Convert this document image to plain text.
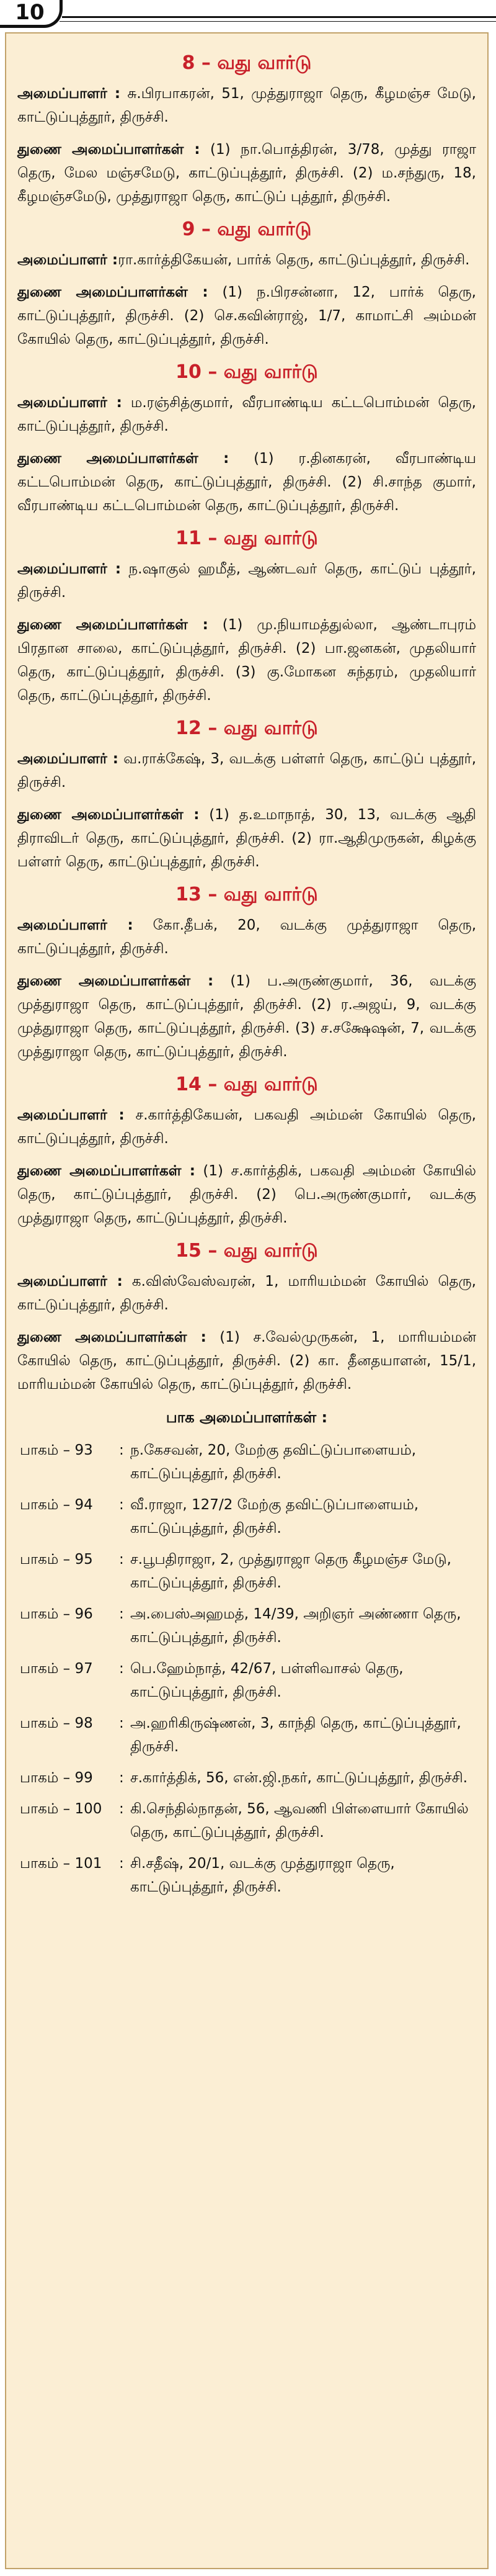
10
8 – வது வார்டு

அமைப்பாளர் : சு.பிரபாகரன், 51, முத்துராஜா தெரு, கீழமஞ்ச மேடு, காட்டுப்புத்தூர், திருச்சி.

துணை அமைப்பாளர்கள் : (1) நா.பொத்திரன், 3/78, முத்து ராஜா தெரு, மேல மஞ்சமேடு, காட்டுப்புத்தூர், திருச்சி. (2) ம.சந்துரு, 18, கீழமஞ்சமேடு, முத்துராஜா தெரு, காட்டுப் புத்தூர், திருச்சி.

9 – வது வார்டு

அமைப்பாளர் :ரா.கார்த்திகேயன், பார்க் தெரு, காட்டுப்புத்தூர், திருச்சி.

துணை அமைப்பாளர்கள் : (1) ந.பிரசன்னா, 12, பார்க் தெரு, காட்டுப்புத்தூர், திருச்சி. (2) செ.கவின்ராஜ், 1/7, காமாட்சி அம்மன் கோயில் தெரு, காட்டுப்புத்தூர், திருச்சி.

10 – வது வார்டு

அமைப்பாளர் : ம.ரஞ்சித்குமார், வீரபாண்டிய கட்டபொம்மன் தெரு, காட்டுப்புத்தூர், திருச்சி.

துணை அமைப்பாளர்கள் : (1) ர.தினகரன், வீரபாண்டிய கட்டபொம்மன் தெரு, காட்டுப்புத்தூர், திருச்சி. (2) சி.சாந்த குமார், வீரபாண்டிய கட்டபொம்மன் தெரு, காட்டுப்புத்தூர், திருச்சி.

11 – வது வார்டு

அமைப்பாளர் : ந.ஷாகுல் ஹமீத், ஆண்டவர் தெரு, காட்டுப் புத்தூர், திருச்சி.

துணை அமைப்பாளர்கள் : (1) மு.நியாமத்துல்லா, ஆண்டாபுரம் பிரதான சாலை, காட்டுப்புத்தூர், திருச்சி. (2) பா.ஜனகன், முதலியார் தெரு, காட்டுப்புத்தூர், திருச்சி. (3) கு.மோகன சுந்தரம், முதலியார் தெரு, காட்டுப்புத்தூர், திருச்சி.

12 – வது வார்டு

அமைப்பாளர் : வ.ராக்கேஷ், 3, வடக்கு பள்ளர் தெரு, காட்டுப் புத்தூர், திருச்சி.

துணை அமைப்பாளர்கள் : (1) த.உமாநாத், 30, 13, வடக்கு ஆதி திராவிடர் தெரு, காட்டுப்புத்தூர், திருச்சி. (2) ரா.ஆதிமுருகன், கிழக்கு பள்ளர் தெரு, காட்டுப்புத்தூர், திருச்சி.

13 – வது வார்டு

அமைப்பாளர் : கோ.தீபக், 20, வடக்கு முத்துராஜா தெரு, காட்டுப்புத்தூர், திருச்சி.

துணை அமைப்பாளர்கள் : (1) ப.அருண்குமார், 36, வடக்கு முத்துராஜா தெரு, காட்டுப்புத்தூர், திருச்சி. (2) ர.அஜய், 9, வடக்கு முத்துராஜா தெரு, காட்டுப்புத்தூர், திருச்சி. (3) ச.சக்ஷேஷன், 7, வடக்கு முத்துராஜா தெரு, காட்டுப்புத்தூர், திருச்சி.

14 – வது வார்டு

அமைப்பாளர் : ச.கார்த்திகேயன், பகவதி அம்மன் கோயில் தெரு, காட்டுப்புத்தூர், திருச்சி.

துணை அமைப்பாளர்கள் : (1) ச.கார்த்திக், பகவதி அம்மன் கோயில் தெரு, காட்டுப்புத்தூர், திருச்சி. (2) பெ.அருண்குமார், வடக்கு முத்துராஜா தெரு, காட்டுப்புத்தூர், திருச்சி.

15 – வது வார்டு

அமைப்பாளர் : க.விஸ்வேஸ்வரன், 1, மாரியம்மன் கோயில் தெரு, காட்டுப்புத்தூர், திருச்சி.

துணை அமைப்பாளர்கள் : (1) ச.வேல்முருகன், 1, மாரியம்மன் கோயில் தெரு, காட்டுப்புத்தூர், திருச்சி. (2) கா. தீனதயாளன், 15/1, மாரியம்மன் கோயில் தெரு, காட்டுப்புத்தூர், திருச்சி.

பாக அமைப்பாளர்கள் :
பாகம் – 93	: ந.கேசவன், 20, மேற்கு தவிட்டுப்பாளையம், காட்டுப்புத்தூர், திருச்சி.
பாகம் – 94	: வீ.ராஜா, 127/2 மேற்கு தவிட்டுப்பாளையம், காட்டுப்புத்தூர், திருச்சி.
பாகம் – 95	: ச.பூபதிராஜா, 2, முத்துராஜா தெரு கீழமஞ்ச மேடு, காட்டுப்புத்தூர், திருச்சி.
பாகம் – 96	: அ.பைஸ்அஹமத், 14/39, அறிஞர் அண்ணா தெரு, காட்டுப்புத்தூர், திருச்சி.
பாகம் – 97	: பெ.ஹேம்நாத், 42/67, பள்ளிவாசல் தெரு, காட்டுப்புத்தூர், திருச்சி.
பாகம் – 98	: அ.ஹரிகிருஷ்ணன், 3, காந்தி தெரு, காட்டுப்புத்தூர், திருச்சி.
பாகம் – 99	: ச.கார்த்திக், 56, என்.ஜி.நகர், காட்டுப்புத்தூர், திருச்சி.
பாகம் – 100	: கி.செந்தில்நாதன், 56, ஆவணி பிள்ளையார் கோயில் தெரு, காட்டுப்புத்தூர், திருச்சி.
பாகம் – 101	: சி.சதீஷ், 20/1, வடக்கு முத்துராஜா தெரு, காட்டுப்புத்தூர், திருச்சி.
